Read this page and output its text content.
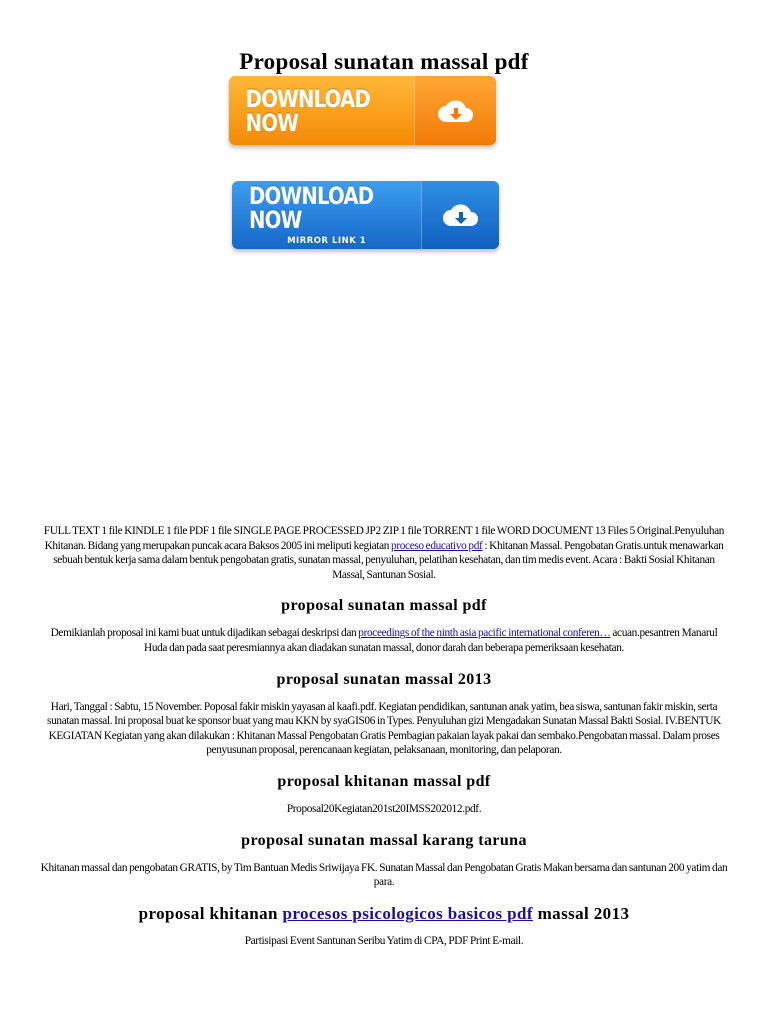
Proposal sunatan massal pdf
DOWNLOAD NOW
DOWNLOAD NOW
MIRROR LINK 1

FULL TEXT 1 file KINDLE 1 file PDF 1 file SINGLE PAGE PROCESSED JP2 ZIP 1 file TORRENT 1 file WORD DOCUMENT 13 Files 5 Original.Penyuluhan Khitanan. Bidang yang merupakan puncak acara Baksos 2005 ini meliputi kegiatan proceso educativo pdf : Khitanan Massal. Pengobatan Gratis.untuk menawarkan sebuah bentuk kerja sama dalam bentuk pengobatan gratis, sunatan massal, penyuluhan, pelatihan kesehatan, dan tim medis event. Acara : Bakti Sosial Khitanan Massal, Santunan Sosial.

proposal sunatan massal pdf

Demikianlah proposal ini kami buat untuk dijadikan sebagai deskripsi dan proceedings of the ninth asia pacific international conferen… acuan.pesantren Manarul Huda dan pada saat peresmiannya akan diadakan sunatan massal, donor darah dan beberapa pemeriksaan kesehatan.

proposal sunatan massal 2013

Hari, Tanggal : Sabtu, 15 November. Poposal fakir miskin yayasan al kaafi.pdf. Kegiatan pendidikan, santunan anak yatim, bea siswa, santunan fakir miskin, serta sunatan massal. Ini proposal buat ke sponsor buat yang mau KKN by syaGIS06 in Types. Penyuluhan gizi Mengadakan Sunatan Massal Bakti Sosial. IV.BENTUK KEGIATAN Kegiatan yang akan dilakukan : Khitanan Massal Pengobatan Gratis Pembagian pakaian layak pakai dan sembako.Pengobatan massal. Dalam proses penyusunan proposal, perencanaan kegiatan, pelaksanaan, monitoring, dan pelaporan.

proposal khitanan massal pdf

Proposal20Kegiatan201st20IMSS202012.pdf.

proposal sunatan massal karang taruna

Khitanan massal dan pengobatan GRATIS, by Tim Bantuan Medis Sriwijaya FK. Sunatan Massal dan Pengobatan Gratis Makan bersama dan santunan 200 yatim dan para.

proposal khitanan procesos psicologicos basicos pdf massal 2013

Partisipasi Event Santunan Seribu Yatim di CPA, PDF Print E-mail.
